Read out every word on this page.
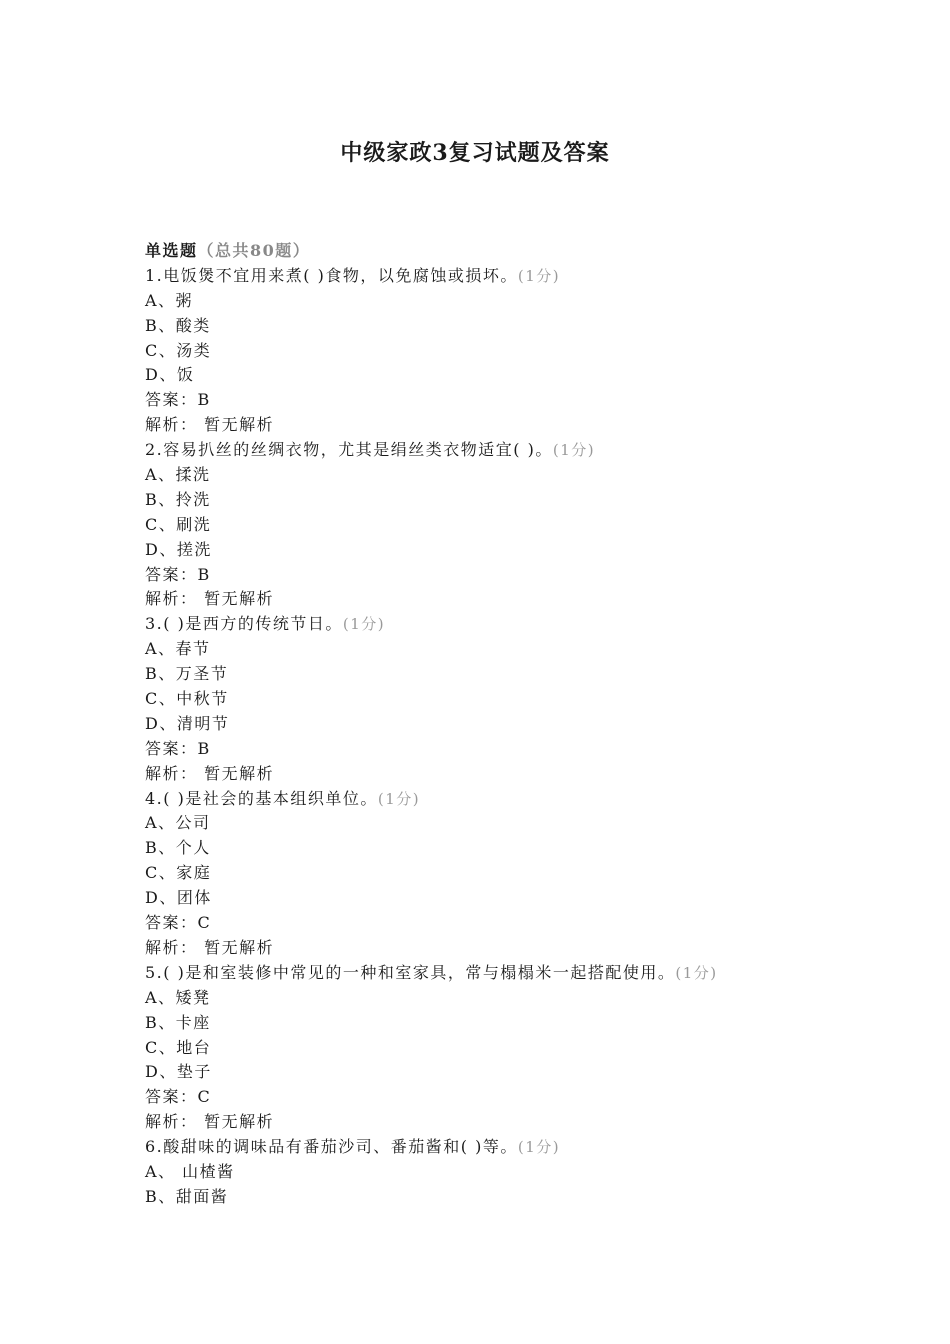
中级家政3复习试题及答案
单选题（总共80题）
1.电饭煲不宜用来煮( )食物，以免腐蚀或损坏。(1分)
A、粥
B、酸类
C、汤类
D、饭
答案：B
解析： 暂无解析
2.容易扒丝的丝绸衣物，尤其是绢丝类衣物适宜( )。(1分)
A、揉洗
B、拎洗
C、刷洗
D、搓洗
答案：B
解析： 暂无解析
3.( )是西方的传统节日。(1分)
A、春节
B、万圣节
C、中秋节
D、清明节
答案：B
解析： 暂无解析
4.( )是社会的基本组织单位。(1分)
A、公司
B、个人
C、家庭
D、团体
答案：C
解析： 暂无解析
5.( )是和室装修中常见的一种和室家具，常与榻榻米一起搭配使用。(1分)
A、矮凳
B、卡座
C、地台
D、垫子
答案：C
解析： 暂无解析
6.酸甜味的调味品有番茄沙司、番茄酱和( )等。(1分)
A、 山楂酱
B、甜面酱
